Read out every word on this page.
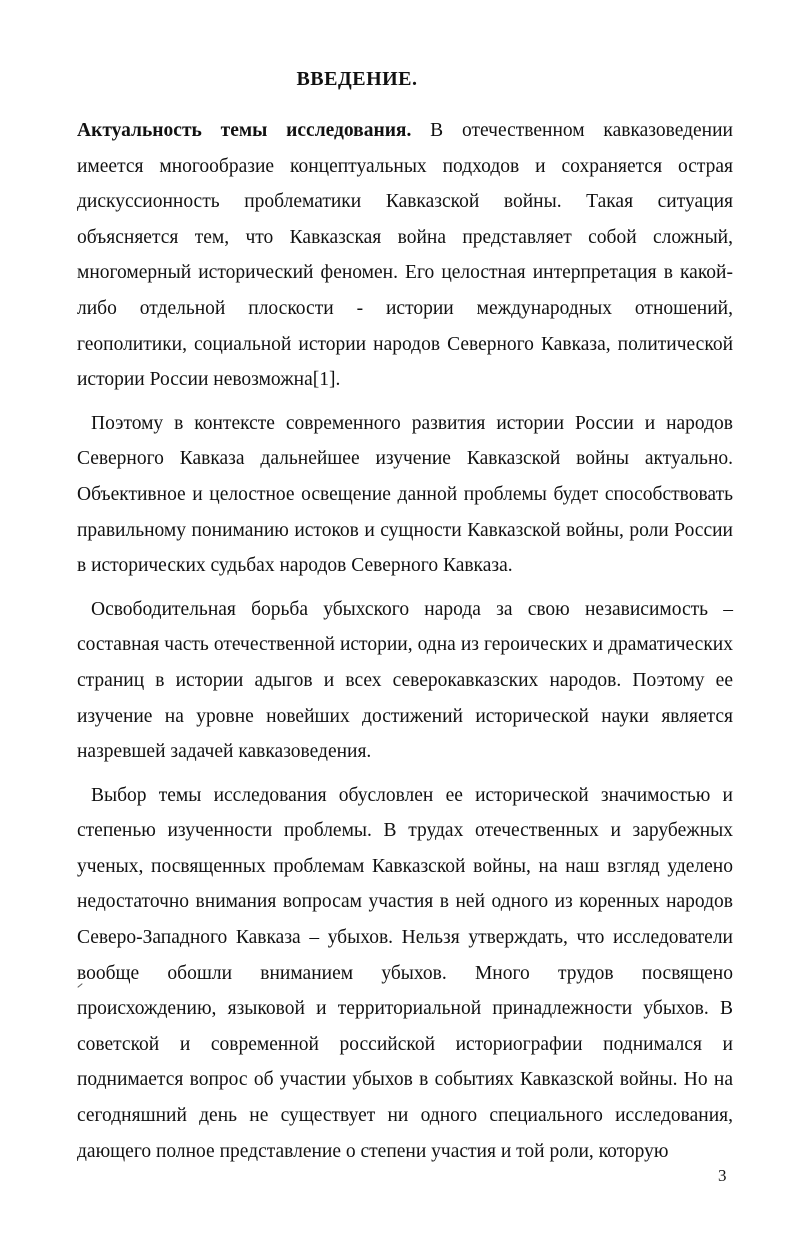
ВВЕДЕНИЕ.

Актуальность темы исследования. В отечественном кавказоведении имеется многообразие концептуальных подходов и сохраняется острая дискуссионность проблематики Кавказской войны. Такая ситуация объясняется тем, что Кавказская война представляет собой сложный, многомерный исторический феномен. Его целостная интерпретация в какой-либо отдельной плоскости - истории международных отношений, геополитики, социальной истории народов Северного Кавказа, политической истории России невозможна[1].

Поэтому в контексте современного развития истории России и народов Северного Кавказа дальнейшее изучение Кавказской войны актуально. Объективное и целостное освещение данной проблемы будет способствовать правильному пониманию истоков и сущности Кавказской войны, роли России в исторических судьбах народов Северного Кавказа.

Освободительная борьба убыхского народа за свою независимость – составная часть отечественной истории, одна из героических и драматических страниц в истории адыгов и всех северокавказских народов. Поэтому ее изучение на уровне новейших достижений исторической науки является назревшей задачей кавказоведения.

Выбор темы исследования обусловлен ее исторической значимостью и степенью изученности проблемы. В трудах отечественных и зарубежных ученых, посвященных проблемам Кавказской войны, на наш взгляд уделено недостаточно внимания вопросам участия в ней одного из коренных народов Северо-Западного Кавказа – убыхов. Нельзя утверждать, что исследователи вообще обошли вниманием убыхов. Много трудов посвящено происхождению, языковой и территориальной принадлежности убыхов. В советской и современной российской историографии поднимался и поднимается вопрос об участии убыхов в событиях Кавказской войны. Но на сегодняшний день не существует ни одного специального исследования, дающего полное представление о степени участия и той роли, которую

3
